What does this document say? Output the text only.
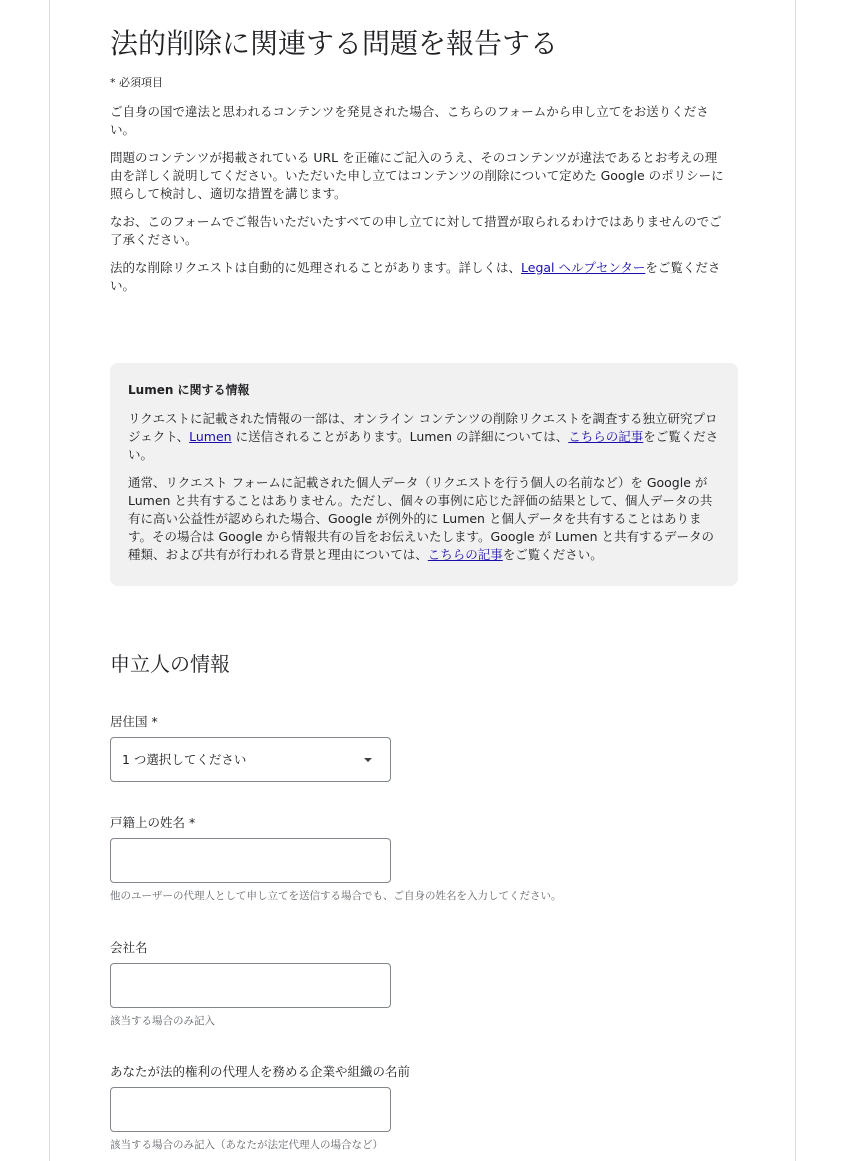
法的削除に関連する問題を報告する
* 必須項目

ご自身の国で違法と思われるコンテンツを発見された場合、こちらのフォームから申し立てをお送りください。

問題のコンテンツが掲載されている URL を正確にご記入のうえ、そのコンテンツが違法であるとお考えの理由を詳しく説明してください。いただいた申し立てはコンテンツの削除について定めた Google のポリシーに照らして検討し、適切な措置を講じます。

なお、このフォームでご報告いただいたすべての申し立てに対して措置が取られるわけではありませんのでご了承ください。

法的な削除リクエストは自動的に処理されることがあります。詳しくは、Legal ヘルプセンターをご覧ください。

Lumen に関する情報

リクエストに記載された情報の一部は、オンライン コンテンツの削除リクエストを調査する独立研究プロジェクト、Lumen に送信されることがあります。Lumen の詳細については、こちらの記事をご覧ください。

通常、リクエスト フォームに記載された個人データ（リクエストを行う個人の名前など）を Google が Lumen と共有することはありません。ただし、個々の事例に応じた評価の結果として、個人データの共有に高い公益性が認められた場合、Google が例外的に Lumen と個人データを共有することはあります。その場合は Google から情報共有の旨をお伝えいたします。Google が Lumen と共有するデータの種類、および共有が行われる背景と理由については、こちらの記事をご覧ください。

申立人の情報
居住国 *
1 つ選択してください
戸籍上の姓名 *
他のユーザーの代理人として申し立てを送信する場合でも、ご自身の姓名を入力してください。
会社名
該当する場合のみ記入
あなたが法的権利の代理人を務める企業や組織の名前
該当する場合のみ記入（あなたが法定代理人の場合など）
